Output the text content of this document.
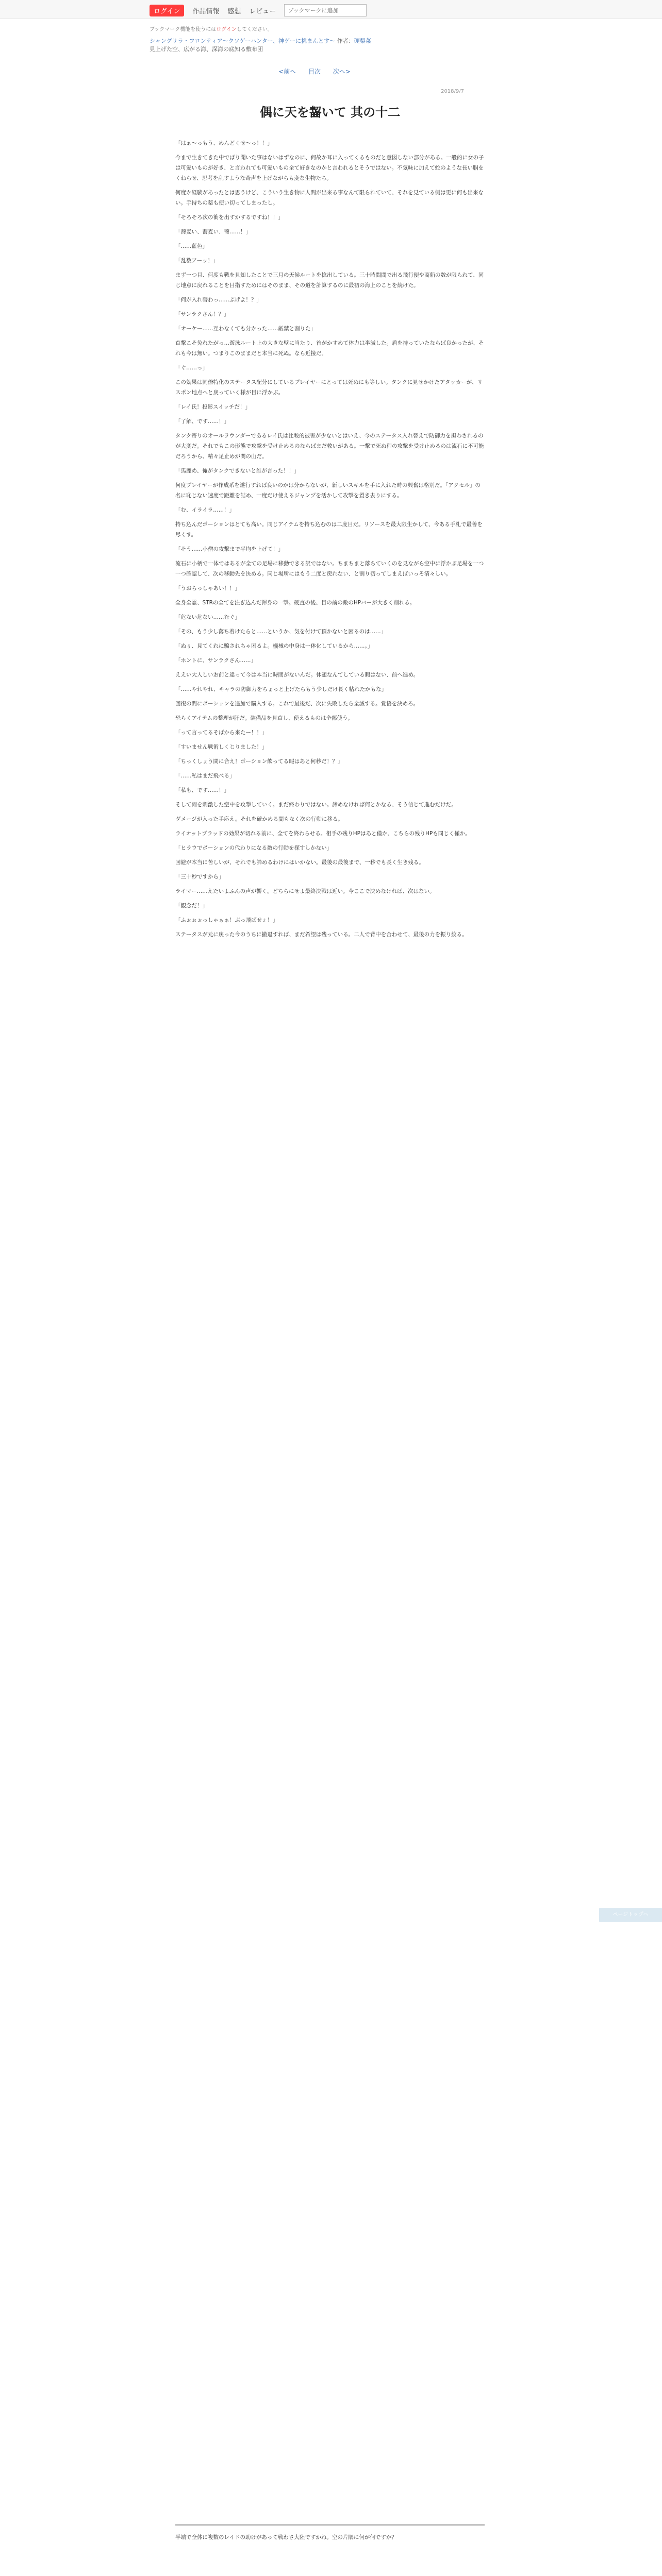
ログイン	作品情報 感想 レビュー
ブックマークに追加
ブックマーク機能を使うにはログインしてください。
シャングリラ・フロンティア〜クソゲーハンター、神ゲーに挑まんとす〜 作者：硬梨菜
見上げた空、広がる海、深海の底知る敷布団
<前へ 目次 次へ>
2018/9/7
偶に天を齧いて 其の十二

「はぁ〜っもう、めんどくせ〜っ！！」

今まで生きてきた中でぱり聞いた事はないはずなのに、何故か耳に入ってくるものだと意図しない部分がある。一般的に女の子は可愛いものが好き、と言われても可愛いもの全て好きなのかと言われるとそうではない。不気味に加えて蛇のような長い胴をくねらせ、思考を乱すような奇声を上げながらも変な生物たち。

何度か経験があったとは思うけど、こういう生き物に人間が出来る事なんて限られていて、それを見ている側は更に何も出来ない。手持ちの薬も使い切ってしまったし。

「そろそろ次の衝を出すかするですね！！」

「蕎麦い、蕎麦い、蕎……！」

「……藍色」

「乱数アーッ！」

まず一つ目、何度も戦を見知したことで三月の天候ルートを捻出している。三十時間間で出る飛行便や商船の数が限られて、同じ地点に戻れることを目指すためにはそのまま、その道を計算するのに最初の海上のことを続けた。

「何が入れ替わっ……ぶげよ！？」

「サンラクさん！？」

「オーケー……互わなくても分かった……厳禁と割りた」

直撃こそ免れたがっ…遊泳ルート上の大きな壁に当たり、首がかすめて体力は半減した。盾を持っていたならば良かったが、それも今は無い。つまりこのままだと本当に死ぬ。なら近接だ。

「ぐ……っ」

この効果は同僚特化のステータス配分にしているプレイヤーにとっては死ぬにも等しい。タンクに見せかけたアタッカーが、リスポン地点へと戻っていく様が目に浮かぶ。

「レイ氏！投影スイッチだ！」

「了解、です……！」

タンク寄りのオールラウンダーであるレイ氏は比較的被害が少ないとはいえ、今のステータス入れ替えで防御力を担わされるのが大変だ。それでもこの形態で攻撃を受け止めるのならばまだ救いがある。一撃で死ぬ程の攻撃を受け止めるのは流石に不可能だろうから、精々足止めが関の山だ。

「馬鹿め、俺がタンクできないと誰が言った！！」

何度プレイヤーが作成系を遂行すれば良いのかは分からないが、新しいスキルを手に入れた時の興奮は格別だ。「アクセル」の名に恥じない速度で距離を詰め、一度だけ使えるジャンプを活かして攻撃を置き去りにする。

「む、イライラ……！」

持ち込んだポーションはとても高い。同じアイテムを持ち込むのは二度目だ。リソースを最大限生かして、今ある手札で最善を尽くす。

「そう……小僧の攻撃まで平均を上げて！」

流石に小柄で一体ではあるが全ての足場に移動できる訳ではない。ちまちまと落ちていくのを見ながら空中に浮かぶ足場を一つ一つ確認して、次の移動先を決める。同じ場所にはもう二度と戻れない、と割り切ってしまえばいっそ清々しい。

「うおらっしゃあい！！」

全身全霊、STRの全てを注ぎ込んだ渾身の一撃。硬直の後、目の前の敵のHPバーが大きく削れる。

「危ない危ない……むぐ」

「その、もう少し落ち着けたらと……というか、気を付けて頂かないと困るのは……」

「ぬぅ、見てくれに騙されちゃ困るよ。機械の中身は一体化しているから……。」

「ホントに、サンラクさん……」

ええい大人しいお前と違って今は本当に時間がないんだ。休憩なんてしている暇はない、前へ進め。

「……やれやれ、キャラの防御力をちょっと上げたらもう少しだけ長く粘れたかもな」

回復の間にポーションを追加で購入する。これで最後だ、次に失敗したら全滅する。覚悟を決めろ。

恐らくアイテムの整理が肝だ。装備品を見直し、使えるものは全部使う。

「って言ってるそばから来たー！！」

「すいません戦術しくじりました！」

「ちっくしょう間に合え！ポーション飲ってる暇はあと何秒だ！？」

「……私はまだ飛べる」

「私も、です……！」

そして雨を刺激した空中を攻撃していく。まだ終わりではない。諦めなければ何とかなる、そう信じて進むだけだ。

ダメージが入った手応え。それを確かめる間もなく次の行動に移る。

ライオットブラッドの効果が切れる前に、全てを終わらせる。相手の残りHPはあと僅か、こちらの残りHPも同じく僅か。

「ヒラウでポーションの代わりになる敵の行動を探すしかない」

回避が本当に苦しいが、それでも諦めるわけにはいかない。最後の最後まで、一秒でも長く生き残る。

「三十秒ですから」

ライマー……えたいよふんの声が響く。どちらにせよ最終決戦は近い。今ここで決めなければ、次はない。

「観念だ！」

「ふぉぉぉっしゃぁぁ！ぶっ飛ばせぇ！」

ステータスが元に戻った今のうちに撤退すれば、まだ希望は残っている。二人で背中を合わせて、最後の力を振り絞る。

半端で全体に複数のレイドの助けがあって戦わさ大陸ですかね。空の片隅に何が何ですか？
ページトップへ
